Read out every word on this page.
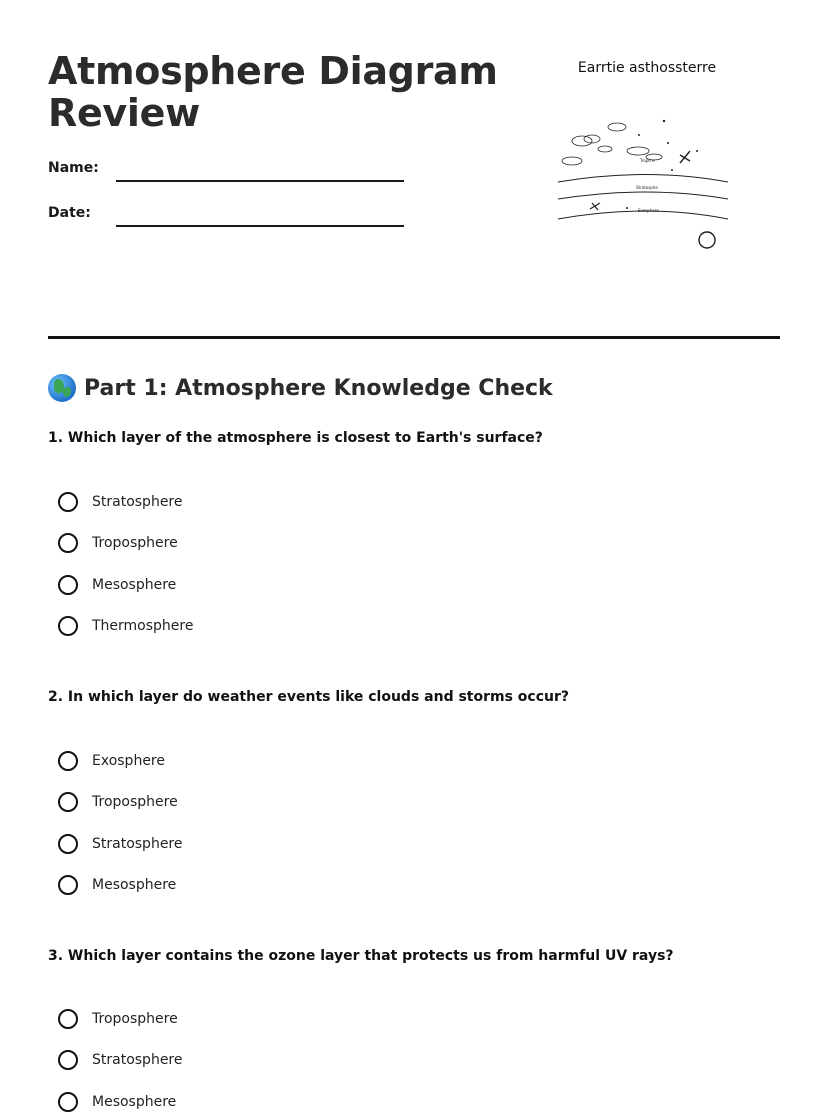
Atmosphere Diagram Review
Name:
Date:
Earrtie asthossterre
Tropo e
Stratosphe
Exosphere
Part 1: Atmosphere Knowledge Check
1. Which layer of the atmosphere is closest to Earth's surface?
Stratosphere
Troposphere
Mesosphere
Thermosphere
2. In which layer do weather events like clouds and storms occur?
Exosphere
Troposphere
Stratosphere
Mesosphere
3. Which layer contains the ozone layer that protects us from harmful UV rays?
Troposphere
Stratosphere
Mesosphere
